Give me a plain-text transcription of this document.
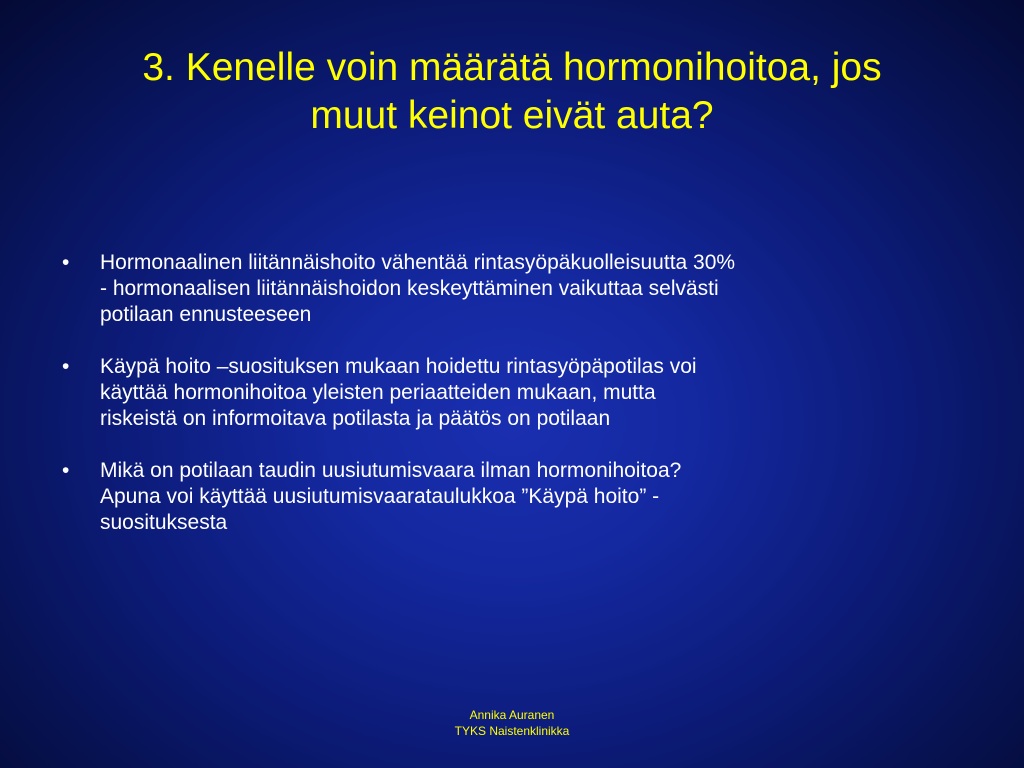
3. Kenelle voin määrätä hormonihoitoa, jos
muut keinot eivät auta?
• Hormonaalinen liitännäishoito vähentää rintasyöpäkuolleisuutta 30%
- hormonaalisen liitännäishoidon keskeyttäminen vaikuttaa selvästi
potilaan ennusteeseen
• Käypä hoito –suosituksen mukaan hoidettu rintasyöpäpotilas voi
käyttää hormonihoitoa yleisten periaatteiden mukaan, mutta
riskeistä on informoitava potilasta ja päätös on potilaan
• Mikä on potilaan taudin uusiutumisvaara ilman hormonihoitoa?
Apuna voi käyttää uusiutumisvaarataulukkoa ”Käypä hoito” -
suosituksesta
Annika Auranen
TYKS Naistenklinikka
